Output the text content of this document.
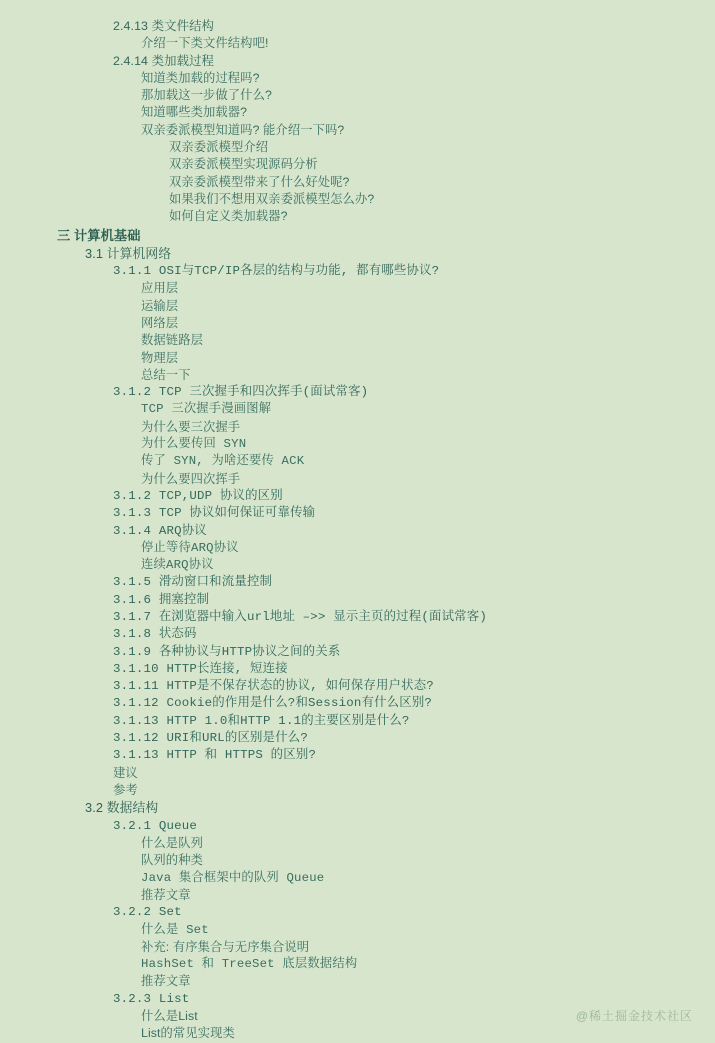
2.4.13 类文件结构
介绍一下类文件结构吧!
2.4.14 类加载过程
知道类加载的过程吗?
那加载这一步做了什么?
知道哪些类加载器?
双亲委派模型知道吗? 能介绍一下吗?
双亲委派模型介绍
双亲委派模型实现源码分析
双亲委派模型带来了什么好处呢?
如果我们不想用双亲委派模型怎么办?
如何自定义类加载器?
三 计算机基础
3.1 计算机网络
3.1.1 OSI与TCP/IP各层的结构与功能, 都有哪些协议?
应用层
运输层
网络层
数据链路层
物理层
总结一下
3.1.2 TCP 三次握手和四次挥手(面试常客)
TCP 三次握手漫画图解
为什么要三次握手
为什么要传回 SYN
传了 SYN, 为啥还要传 ACK
为什么要四次挥手
3.1.2 TCP,UDP 协议的区别
3.1.3 TCP 协议如何保证可靠传输
3.1.4 ARQ协议
停止等待ARQ协议
连续ARQ协议
3.1.5 滑动窗口和流量控制
3.1.6 拥塞控制
3.1.7 在浏览器中输入url地址 –>> 显示主页的过程(面试常客)
3.1.8 状态码
3.1.9 各种协议与HTTP协议之间的关系
3.1.10 HTTP长连接, 短连接
3.1.11 HTTP是不保存状态的协议, 如何保存用户状态?
3.1.12 Cookie的作用是什么?和Session有什么区别?
3.1.13 HTTP 1.0和HTTP 1.1的主要区别是什么?
3.1.12 URI和URL的区别是什么?
3.1.13 HTTP 和 HTTPS 的区别?
建议
参考
3.2 数据结构
3.2.1 Queue
什么是队列
队列的种类
Java 集合框架中的队列 Queue
推荐文章
3.2.2 Set
什么是 Set
补充: 有序集合与无序集合说明
HashSet 和 TreeSet 底层数据结构
推荐文章
3.2.3 List
什么是List
List的常见实现类
@稀土掘金技术社区
